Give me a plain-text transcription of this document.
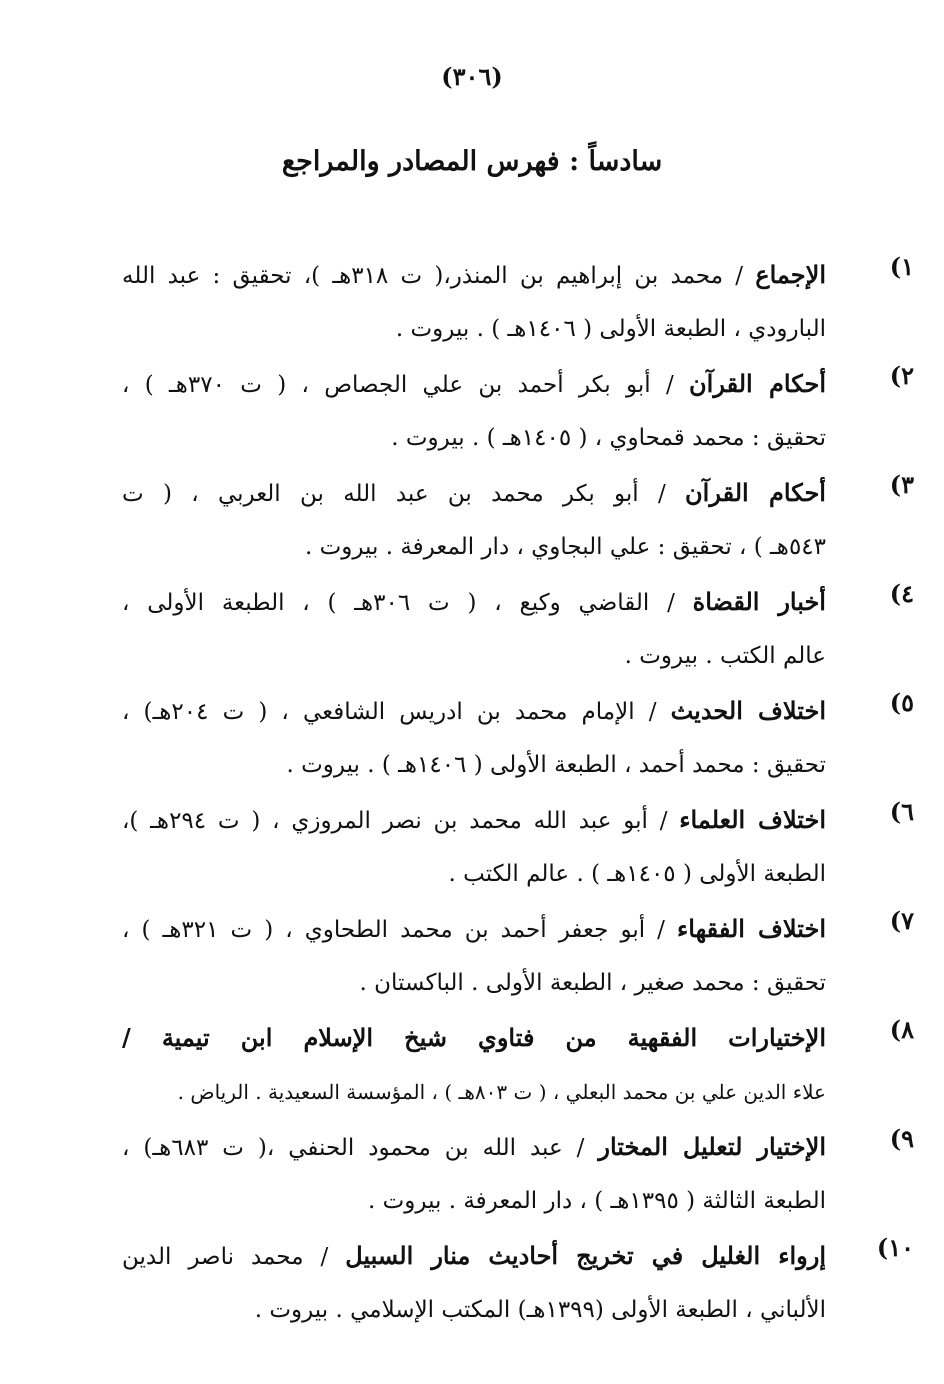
(٣٠٦)
سادساً : فهرس المصادر والمراجع
١)
الإجماع / محمد بن إبراهيم بن المنذر،( ت ٣١٨هـ )، تحقيق : عبد الله
البارودي ، الطبعة الأولى ( ١٤٠٦هـ ) . بيروت .
٢)
أحكام القرآن / أبو بكر أحمد بن علي الجصاص ، ( ت ٣٧٠هـ ) ،
تحقيق : محمد قمحاوي ، ( ١٤٠٥هـ ) . بيروت .
٣)
أحكام القرآن / أبو بكر محمد بن عبد الله بن العربي ، ( ت
٥٤٣هـ ) ، تحقيق : علي البجاوي ، دار المعرفة . بيروت .
٤)
أخبار القضاة / القاضي وكيع ، ( ت ٣٠٦هـ ) ، الطبعة الأولى ،
عالم الكتب . بيروت .
٥)
اختلاف الحديث / الإمام محمد بن ادريس الشافعي ، ( ت ٢٠٤هـ) ،
تحقيق : محمد أحمد ، الطبعة الأولى ( ١٤٠٦هـ ) . بيروت .
٦)
اختلاف العلماء / أبو عبد الله محمد بن نصر المروزي ، ( ت ٢٩٤هـ )،
الطبعة الأولى ( ١٤٠٥هـ ) . عالم الكتب .
٧)
اختلاف الفقهاء / أبو جعفر أحمد بن محمد الطحاوي ، ( ت ٣٢١هـ ) ،
تحقيق : محمد صغير ، الطبعة الأولى . الباكستان .
٨)
الإختيارات الفقهية من فتاوي شيخ الإسلام ابن تيمية /
علاء الدين علي بن محمد البعلي ، ( ت ٨٠٣هـ ) ، المؤسسة السعيدية . الرياض .
٩)
الإختيار لتعليل المختار / عبد الله بن محمود الحنفي ،( ت ٦٨٣هـ) ،
الطبعة الثالثة ( ١٣٩٥هـ ) ، دار المعرفة . بيروت .
١٠)
إرواء الغليل في تخريج أحاديث منار السبيل / محمد ناصر الدين
الألباني ، الطبعة الأولى (١٣٩٩هـ) المكتب الإسلامي . بيروت .
